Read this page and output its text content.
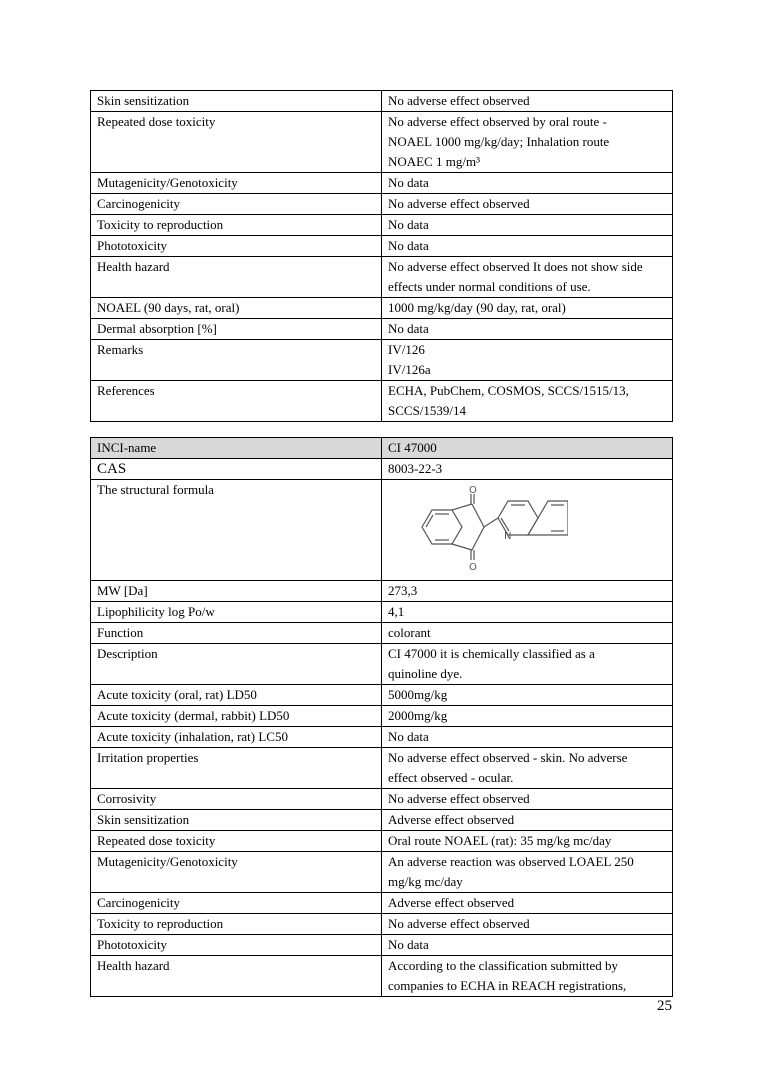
Skin sensitization	No adverse effect observed
Repeated dose toxicity	No adverse effect observed by oral route -
NOAEL 1000 mg/kg/day; Inhalation route
NOAEC 1 mg/m³
Mutagenicity/Genotoxicity	No data
Carcinogenicity	No adverse effect observed
Toxicity to reproduction	No data
Phototoxicity	No data
Health hazard	No adverse effect observed It does not show side
effects under normal conditions of use.
NOAEL (90 days, rat, oral)	1000 mg/kg/day (90 day, rat, oral)
Dermal absorption [%]	No data
Remarks	IV/126
IV/126a
References	ECHA, PubChem, COSMOS, SCCS/1515/13,
SCCS/1539/14
INCI-name	CI 47000
CAS	8003-22-3
The structural formula	O
O
N

MW [Da]	273,3
Lipophilicity log Po/w	4,1
Function	colorant
Description	CI 47000 it is chemically classified as a
quinoline dye.
Acute toxicity (oral, rat) LD50	5000mg/kg
Acute toxicity (dermal, rabbit) LD50	2000mg/kg
Acute toxicity (inhalation, rat) LC50	No data
Irritation properties	No adverse effect observed - skin. No adverse
effect observed - ocular.
Corrosivity	No adverse effect observed
Skin sensitization	Adverse effect observed
Repeated dose toxicity	Oral route NOAEL (rat): 35 mg/kg mc/day
Mutagenicity/Genotoxicity	An adverse reaction was observed LOAEL 250
mg/kg mc/day
Carcinogenicity	Adverse effect observed
Toxicity to reproduction	No adverse effect observed
Phototoxicity	No data
Health hazard	According to the classification submitted by
companies to ECHA in REACH registrations,
25
